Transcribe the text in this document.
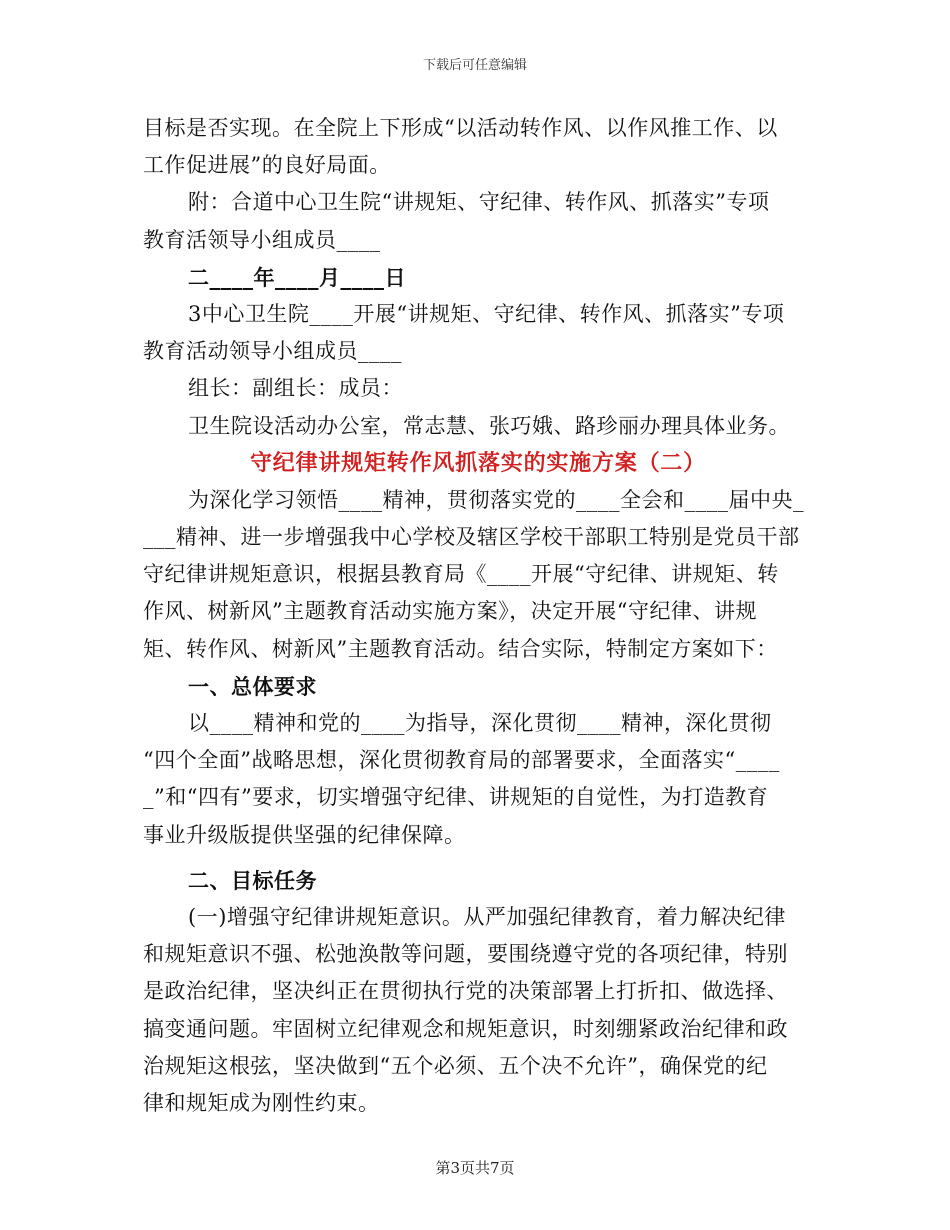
下载后可任意编辑
目标是否实现。在全院上下形成“以活动转作风、以作风推工作、以
工作促进展”的良好局面。
附：合道中心卫生院“讲规矩、守纪律、转作风、抓落实”专项
教育活领导小组成员____
二____年____月____日
3中心卫生院____开展“讲规矩、守纪律、转作风、抓落实”专项
教育活动领导小组成员____
组长：副组长：成员：
卫生院设活动办公室，常志慧、张巧娥、路珍丽办理具体业务。
守纪律讲规矩转作风抓落实的实施方案（二）
为深化学习领悟____精神，贯彻落实党的____全会和____届中央_
___精神、进一步增强我中心学校及辖区学校干部职工特别是党员干部
守纪律讲规矩意识，根据县教育局《____开展“守纪律、讲规矩、转
作风、树新风”主题教育活动实施方案》，决定开展“守纪律、讲规
矩、转作风、树新风”主题教育活动。结合实际，特制定方案如下：
一、总体要求
以____精神和党的____为指导，深化贯彻____精神，深化贯彻
“四个全面”战略思想，深化贯彻教育局的部署要求，全面落实“____
_”和“四有”要求，切实增强守纪律、讲规矩的自觉性，为打造教育
事业升级版提供坚强的纪律保障。
二、目标任务
(一)增强守纪律讲规矩意识。从严加强纪律教育，着力解决纪律
和规矩意识不强、松弛涣散等问题，要围绕遵守党的各项纪律，特别
是政治纪律，坚决纠正在贯彻执行党的决策部署上打折扣、做选择、
搞变通问题。牢固树立纪律观念和规矩意识，时刻绷紧政治纪律和政
治规矩这根弦，坚决做到“五个必须、五个决不允许”，确保党的纪
律和规矩成为刚性约束。
第3页共7页
